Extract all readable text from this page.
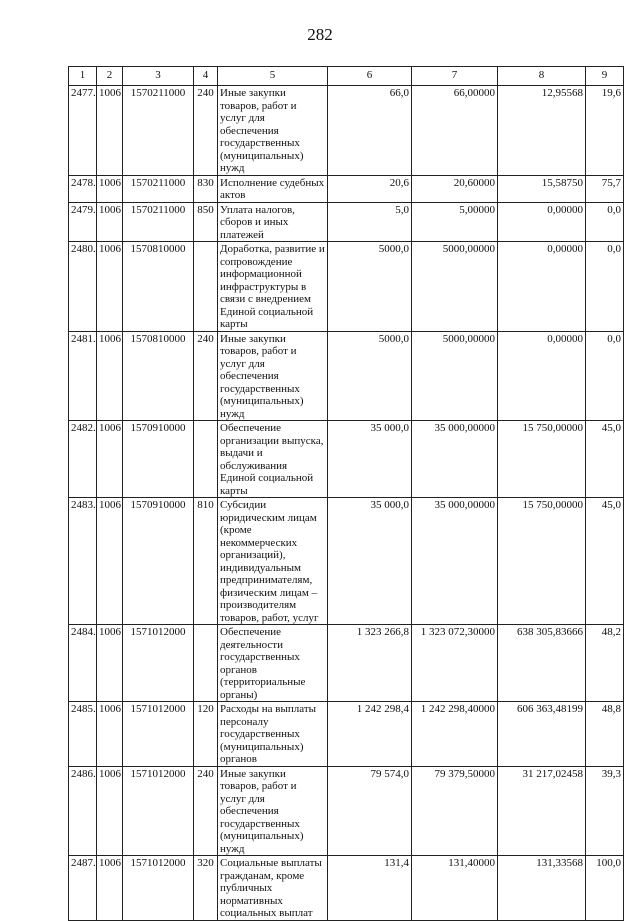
282
1	2	3	4	5	6	7	8	9
2477.	1006	1570211000	240	Иные закупки товаров, работ и услуг для обеспечения государственных (муниципальных) нужд	66,0	66,00000	12,95568	19,6
2478.	1006	1570211000	830	Исполнение судебных актов	20,6	20,60000	15,58750	75,7
2479.	1006	1570211000	850	Уплата налогов, сборов и иных платежей	5,0	5,00000	0,00000	0,0
2480.	1006	1570810000		Доработка, развитие и сопровождение информационной инфраструктуры в связи с внедрением Единой социальной карты	5000,0	5000,00000	0,00000	0,0
2481.	1006	1570810000	240	Иные закупки товаров, работ и услуг для обеспечения государственных (муниципальных) нужд	5000,0	5000,00000	0,00000	0,0
2482.	1006	1570910000		Обеспечение организации выпуска, выдачи и обслуживания Единой социальной карты	35 000,0	35 000,00000	15 750,00000	45,0
2483.	1006	1570910000	810	Субсидии юридическим лицам (кроме некоммерческих организаций), индивидуальным предпринимателям, физическим лицам – производителям товаров, работ, услуг	35 000,0	35 000,00000	15 750,00000	45,0
2484.	1006	1571012000		Обеспечение деятельности государственных органов (территориальные органы)	1 323 266,8	1 323 072,30000	638 305,83666	48,2
2485.	1006	1571012000	120	Расходы на выплаты персоналу государственных (муниципальных) органов	1 242 298,4	1 242 298,40000	606 363,48199	48,8
2486.	1006	1571012000	240	Иные закупки товаров, работ и услуг для обеспечения государственных (муниципальных) нужд	79 574,0	79 379,50000	31 217,02458	39,3
2487.	1006	1571012000	320	Социальные выплаты гражданам, кроме публичных нормативных социальных выплат	131,4	131,40000	131,33568	100,0
